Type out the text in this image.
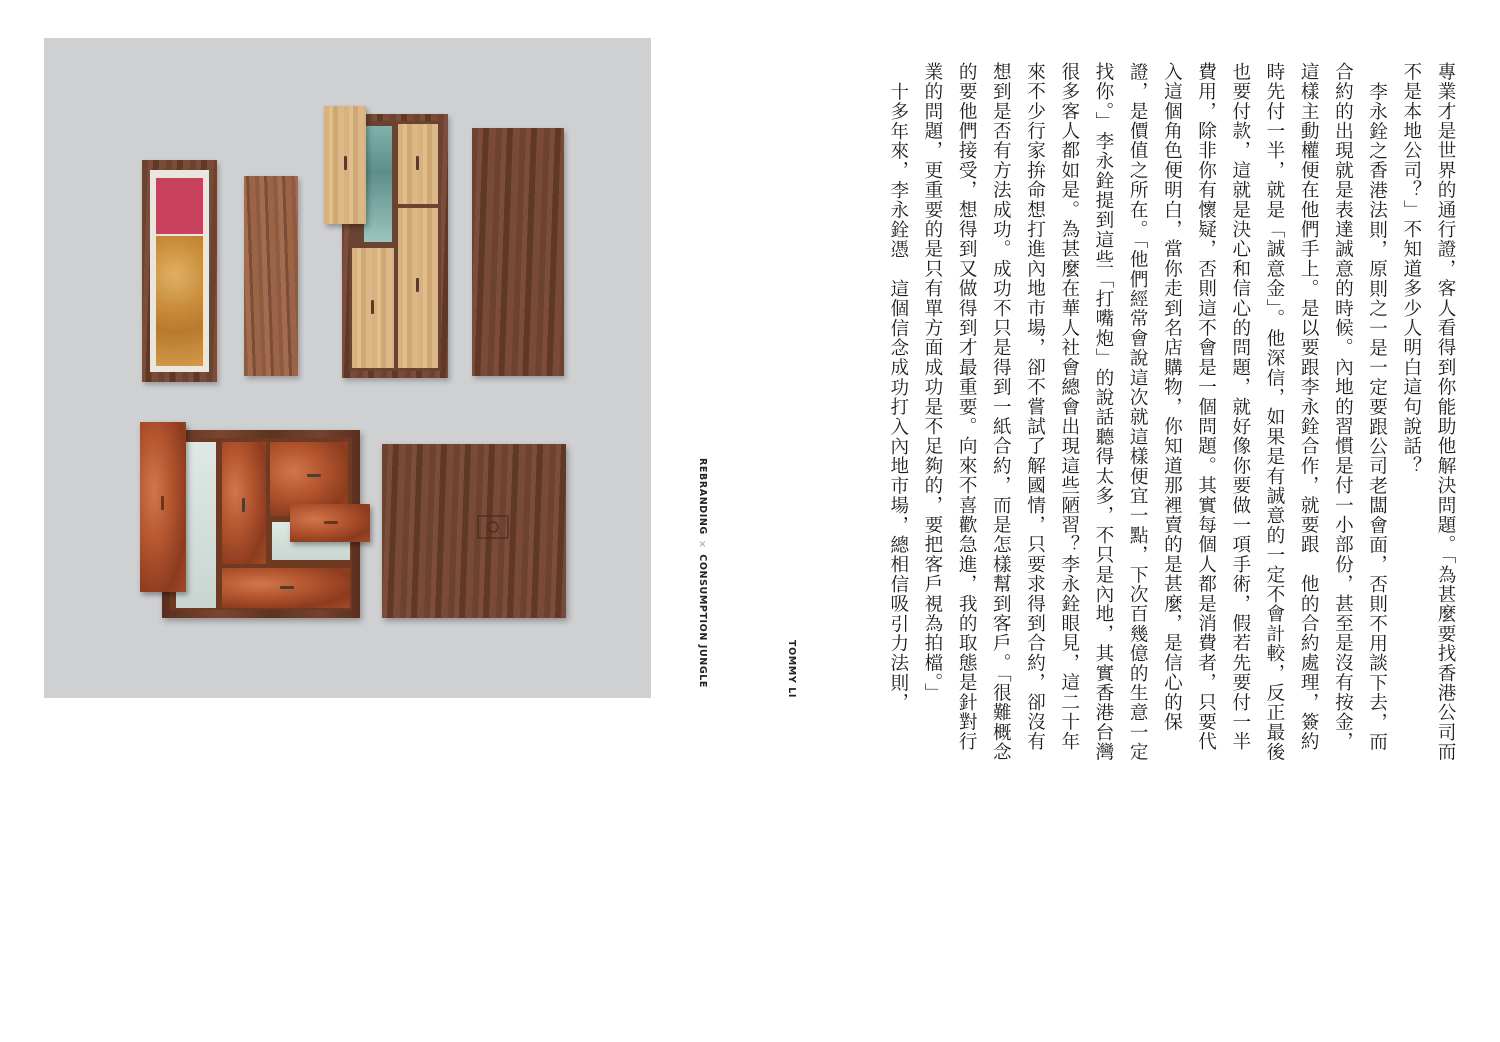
REBRANDING × CONSUMPTION JUNGLE	TOMMY LI	專業才是世界的通行證，客人看得到你能助他解決問題。「為甚麼要找香港公司而不是本地公司？」不知道多少人明白這句說話？

李永銓之香港法則，原則之一是一定要跟公司老闆會面，否則不用談下去，而合約的出現就是表達誠意的時候。內地的習慣是付一小部份，甚至是沒有按金，這樣主動權便在他們手上。是以要跟李永銓合作，就要跟　他的合約處理，簽約時先付一半，就是「誠意金」。他深信，如果是有誠意的一定不會計較，反正最後也要付款，這就是決心和信心的問題，就好像你要做一項手術，假若先要付一半費用，除非你有懷疑，否則這不會是一個問題。其實每個人都是消費者，只要代入這個角色便明白，當你走到名店購物，你知道那裡賣的是甚麼，是信心的保證，是價值之所在。「他們經常會說這次就這樣便宜一點，下次百幾億的生意一定找你。」李永銓提到這些「打嘴炮」的說話聽得太多，不只是內地，其實香港台灣很多客人都如是。為甚麼在華人社會總會出現這些陋習？李永銓眼見，這二十年來不少行家拚命想打進內地市場，卻不嘗試了解國情，只要求得到合約，卻沒有想到是否有方法成功。成功不只是得到一紙合約，而是怎樣幫到客戶。「很難概念的要他們接受，想得到又做得到才最重要。向來不喜歡急進，我的取態是針對行業的問題，更重要的是只有單方面成功是不足夠的，要把客戶視為拍檔。」

十多年來，李永銓憑　這個信念成功打入內地市場，總相信吸引力法則，
